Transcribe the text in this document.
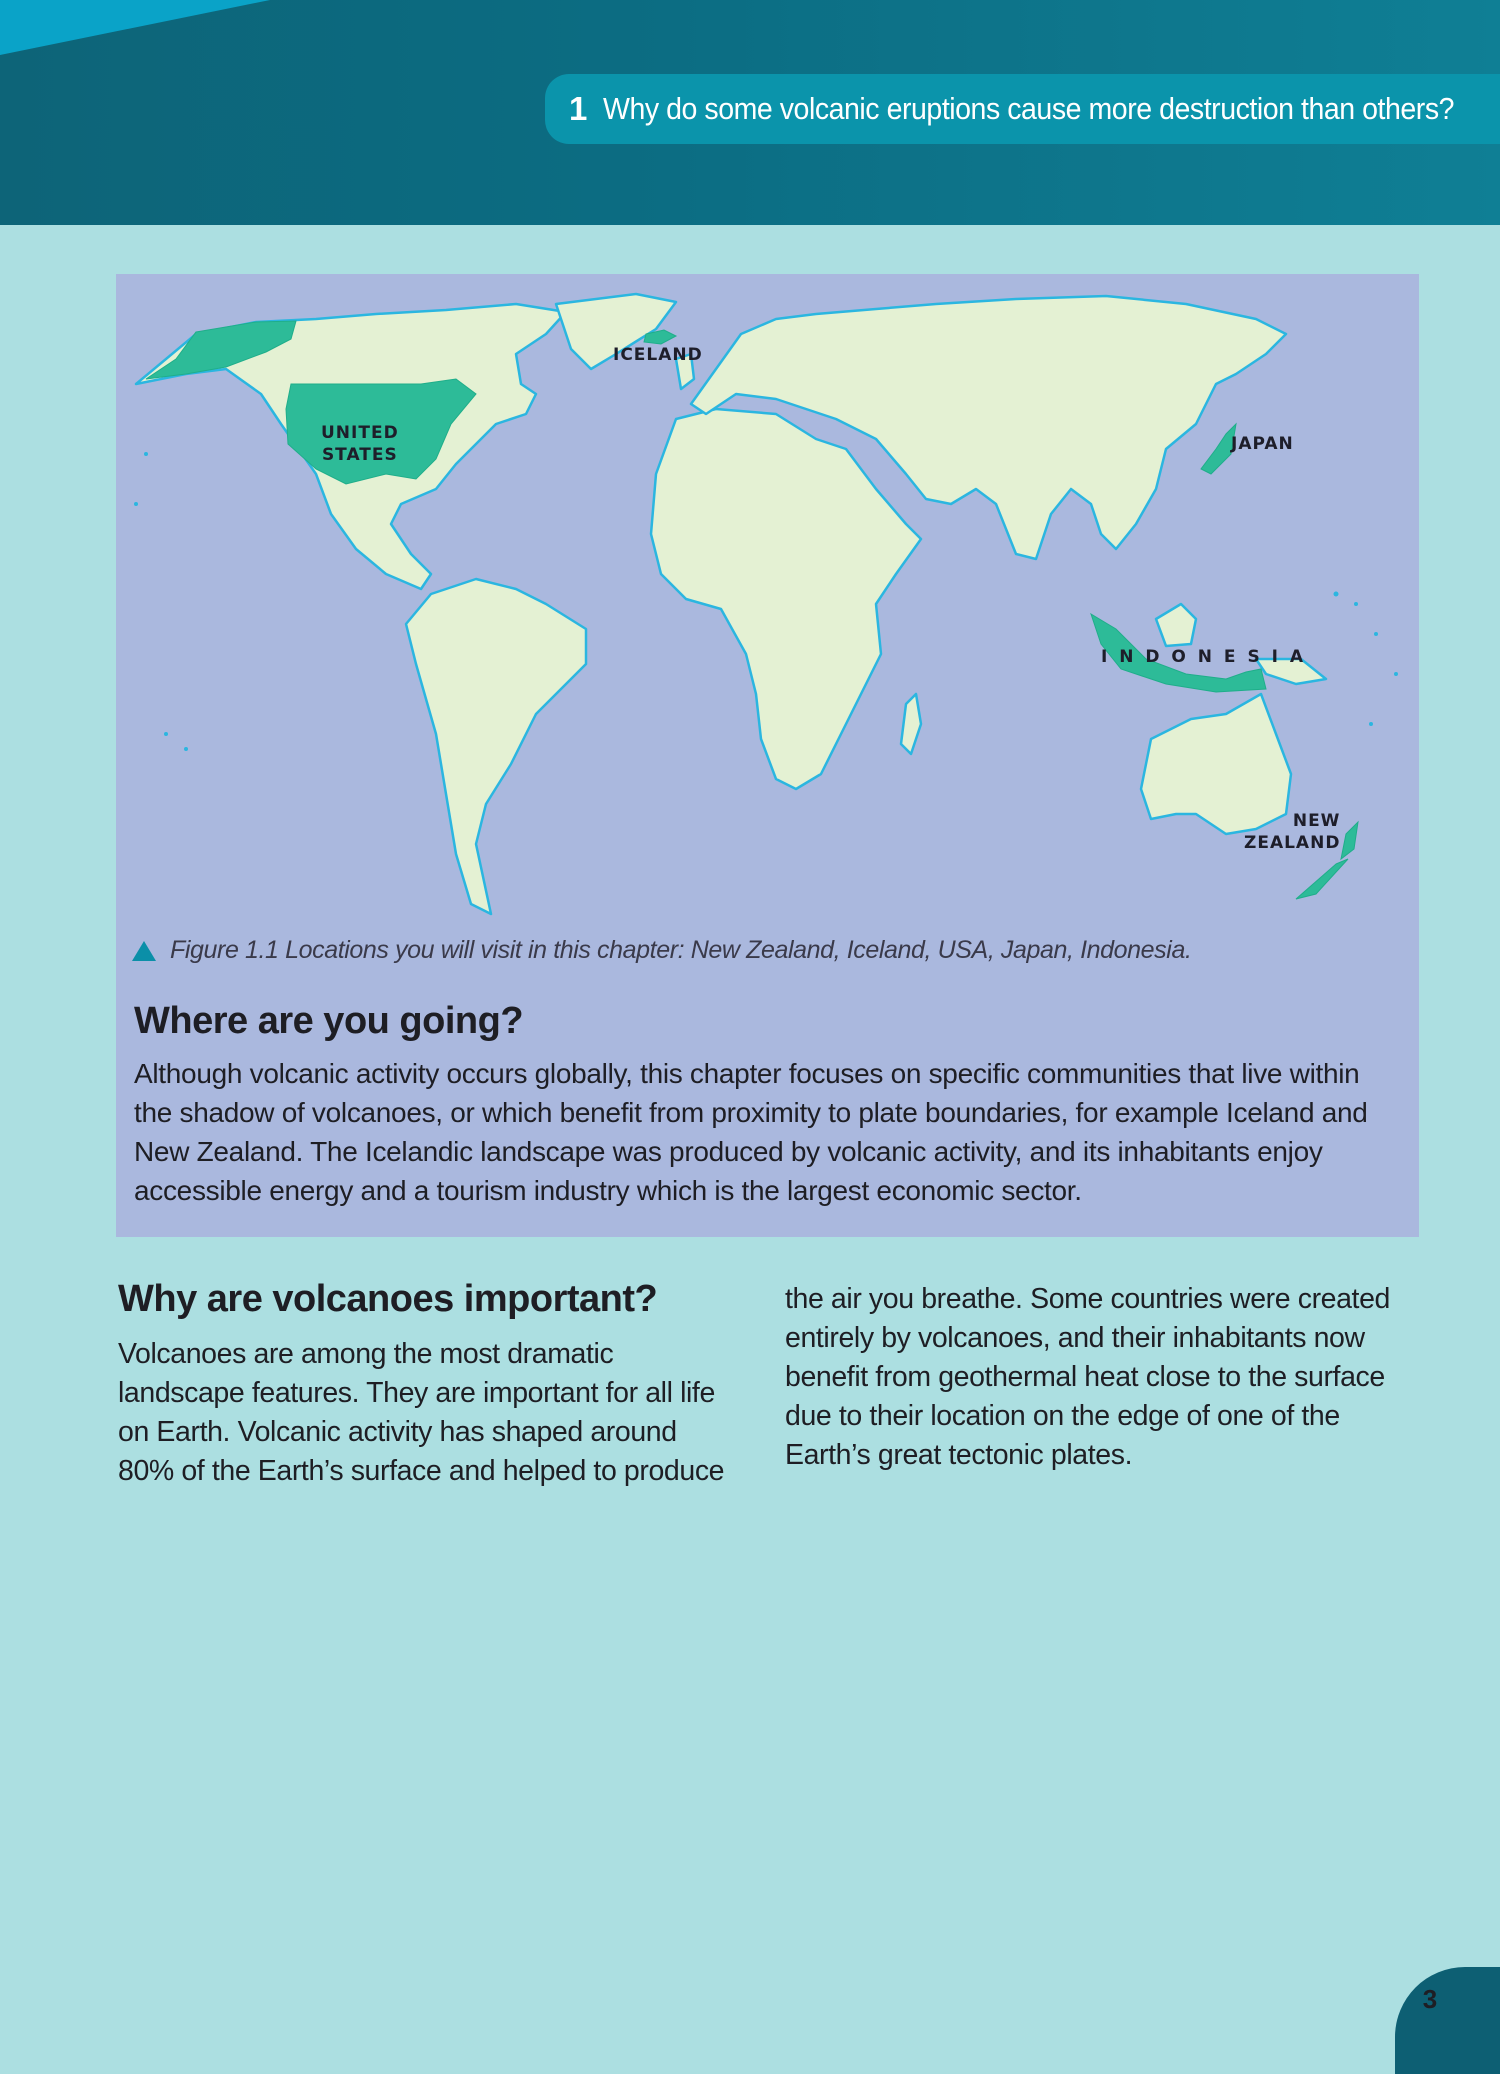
1 Why do some volcanic eruptions cause more destruction than others?
ICELAND
UNITED
STATES
JAPAN
I N D O N E S I A
NEW
ZEALAND
Figure 1.1 Locations you will visit in this chapter: New Zealand, Iceland, USA, Japan, Indonesia.
Where are you going?
Although volcanic activity occurs globally, this chapter focuses on specific communities that live within the shadow of volcanoes, or which benefit from proximity to plate boundaries, for example Iceland and New Zealand. The Icelandic landscape was produced by volcanic activity, and its inhabitants enjoy accessible energy and a tourism industry which is the largest economic sector.
Why are volcanoes important?
Volcanoes are among the most dramatic landscape features. They are important for all life on Earth. Volcanic activity has shaped around 80% of the Earth’s surface and helped to produce
the air you breathe. Some countries were created entirely by volcanoes, and their inhabitants now benefit from geothermal heat close to the surface due to their location on the edge of one of the Earth’s great tectonic plates.
3
